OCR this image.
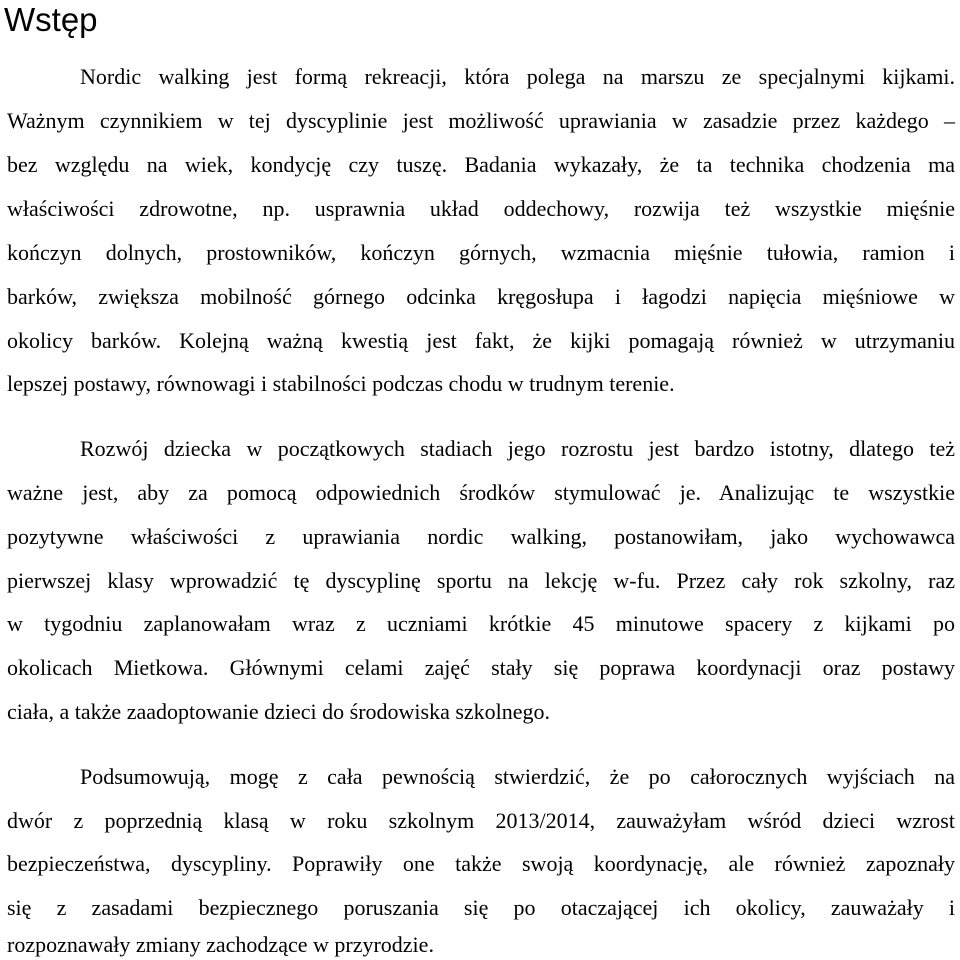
Wstęp

Nordic walking jest formą rekreacji, która polega na marszu ze specjalnymi kijkami.

Ważnym czynnikiem w tej dyscyplinie jest możliwość uprawiania w zasadzie przez każdego –

bez względu na wiek, kondycję czy tuszę. Badania wykazały, że ta technika chodzenia ma

właściwości zdrowotne, np. usprawnia układ oddechowy, rozwija też wszystkie mięśnie

kończyn dolnych, prostowników, kończyn górnych, wzmacnia mięśnie tułowia, ramion i

barków, zwiększa mobilność górnego odcinka kręgosłupa i łagodzi napięcia mięśniowe w

okolicy barków. Kolejną ważną kwestią jest fakt, że kijki pomagają również w utrzymaniu

lepszej postawy, równowagi i stabilności podczas chodu w trudnym terenie.

Rozwój dziecka w początkowych stadiach jego rozrostu jest bardzo istotny, dlatego też

ważne jest, aby za pomocą odpowiednich środków stymulować je. Analizując te wszystkie

pozytywne właściwości z uprawiania nordic walking, postanowiłam, jako wychowawca

pierwszej klasy wprowadzić tę dyscyplinę sportu na lekcję w-fu. Przez cały rok szkolny, raz

w tygodniu zaplanowałam wraz z uczniami krótkie 45 minutowe spacery z kijkami po

okolicach Mietkowa. Głównymi celami zajęć stały się poprawa koordynacji oraz postawy

ciała, a także zaadoptowanie dzieci do środowiska szkolnego.

Podsumowują, mogę z cała pewnością stwierdzić, że po całorocznych wyjściach na

dwór z poprzednią klasą w roku szkolnym 2013/2014, zauważyłam wśród dzieci wzrost

bezpieczeństwa, dyscypliny. Poprawiły one także swoją koordynację, ale również zapoznały

się z zasadami bezpiecznego poruszania się po otaczającej ich okolicy, zauważały i

rozpoznawały zmiany zachodzące w przyrodzie.
